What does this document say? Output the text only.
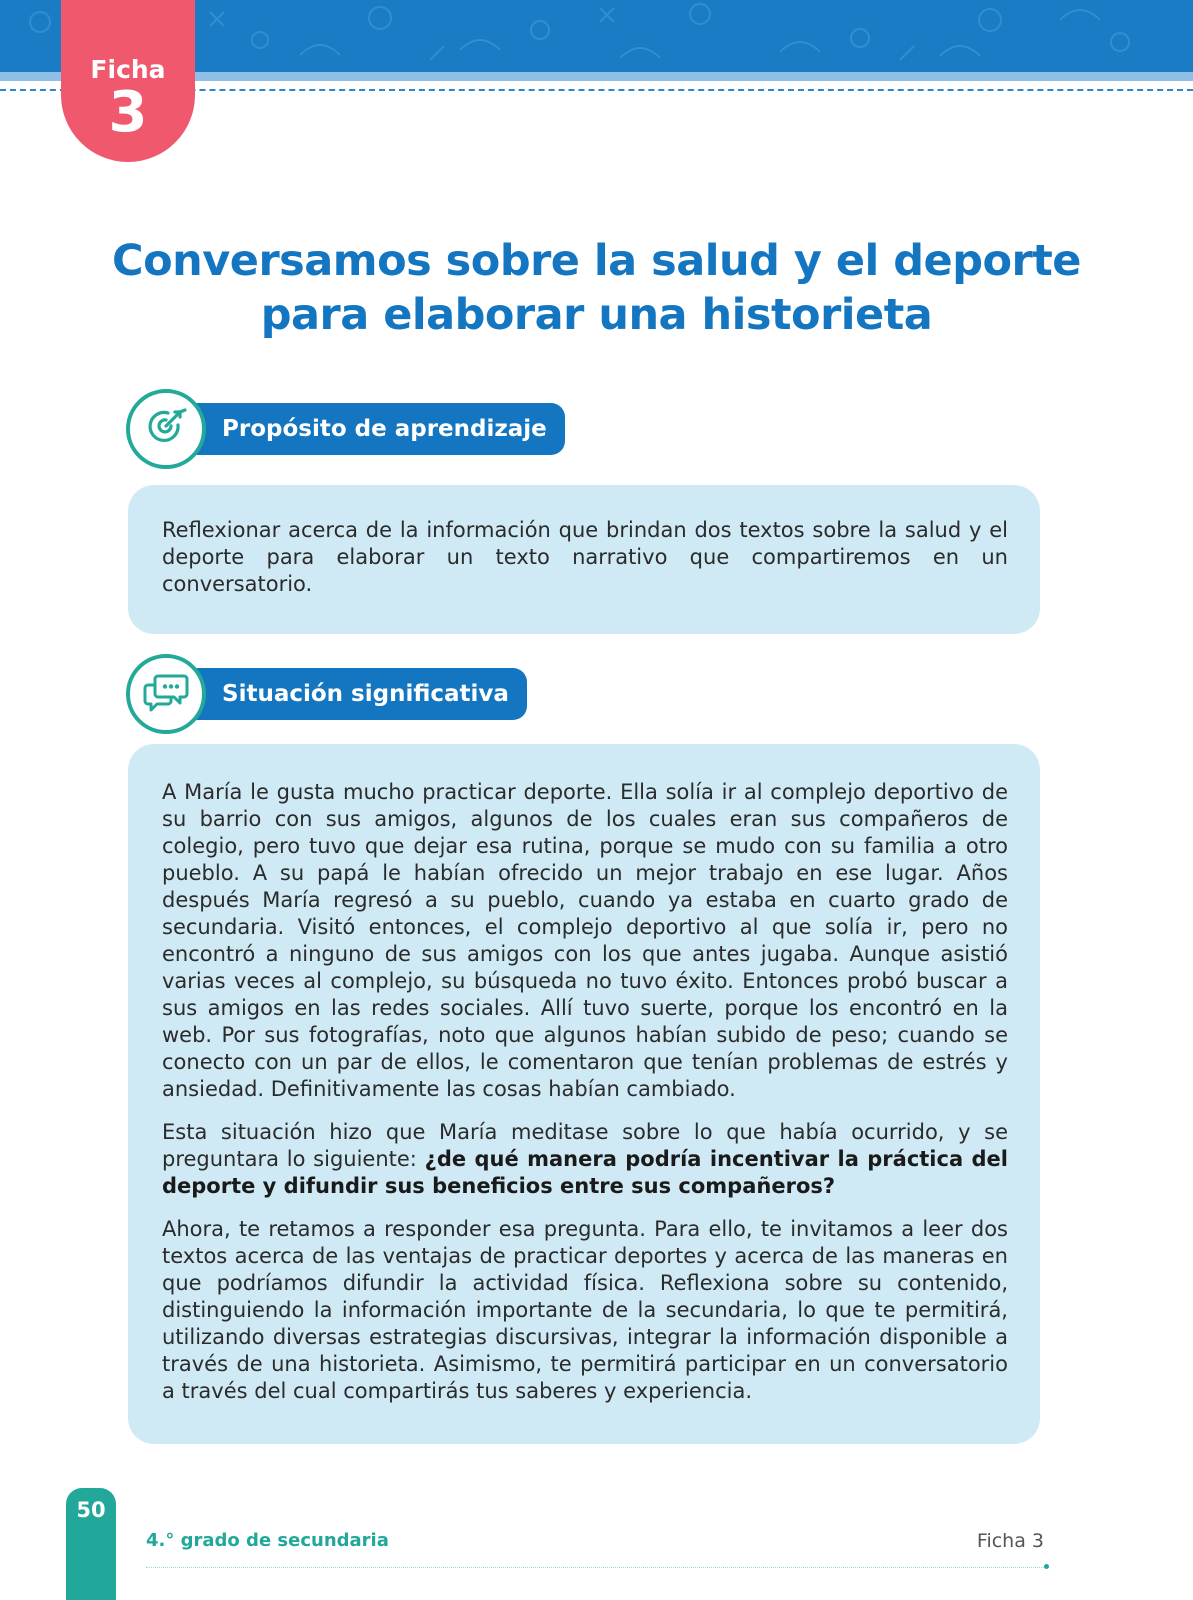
Ficha
3
Conversamos sobre la salud y el deporte
para elaborar una historieta
Propósito de aprendizaje

Reflexionar acerca de la información que brindan dos textos sobre la salud y el deporte para elaborar un texto narrativo que compartiremos en un conversatorio.

Situación significativa

A María le gusta mucho practicar deporte. Ella solía ir al complejo deportivo de su barrio con sus amigos, algunos de los cuales eran sus compañeros de colegio, pero tuvo que dejar esa rutina, porque se mudo con su familia a otro pueblo. A su papá le habían ofrecido un mejor trabajo en ese lugar. Años después María regresó a su pueblo, cuando ya estaba en cuarto grado de secundaria. Visitó entonces, el complejo deportivo al que solía ir, pero no encontró a ninguno de sus amigos con los que antes jugaba. Aunque asistió varias veces al complejo, su búsqueda no tuvo éxito. Entonces probó buscar a sus amigos en las redes sociales. Allí tuvo suerte, porque los encontró en la web. Por sus fotografías, noto que algunos habían subido de peso; cuando se conecto con un par de ellos, le comentaron que tenían problemas de estrés y ansiedad. Definitivamente las cosas habían cambiado.

Esta situación hizo que María meditase sobre lo que había ocurrido, y se preguntara lo siguiente: ¿de qué manera podría incentivar la práctica del deporte y difundir sus beneficios entre sus compañeros?

Ahora, te retamos a responder esa pregunta. Para ello, te invitamos a leer dos textos acerca de las ventajas de practicar deportes y acerca de las maneras en que podríamos difundir la actividad física. Reflexiona sobre su contenido, distinguiendo la información importante de la secundaria, lo que te permitirá, utilizando diversas estrategias discursivas, integrar la información disponible a través de una historieta. Asimismo, te permitirá participar en un conversatorio a través del cual compartirás tus saberes y experiencia.

50
4.° grado de secundaria	Ficha 3
